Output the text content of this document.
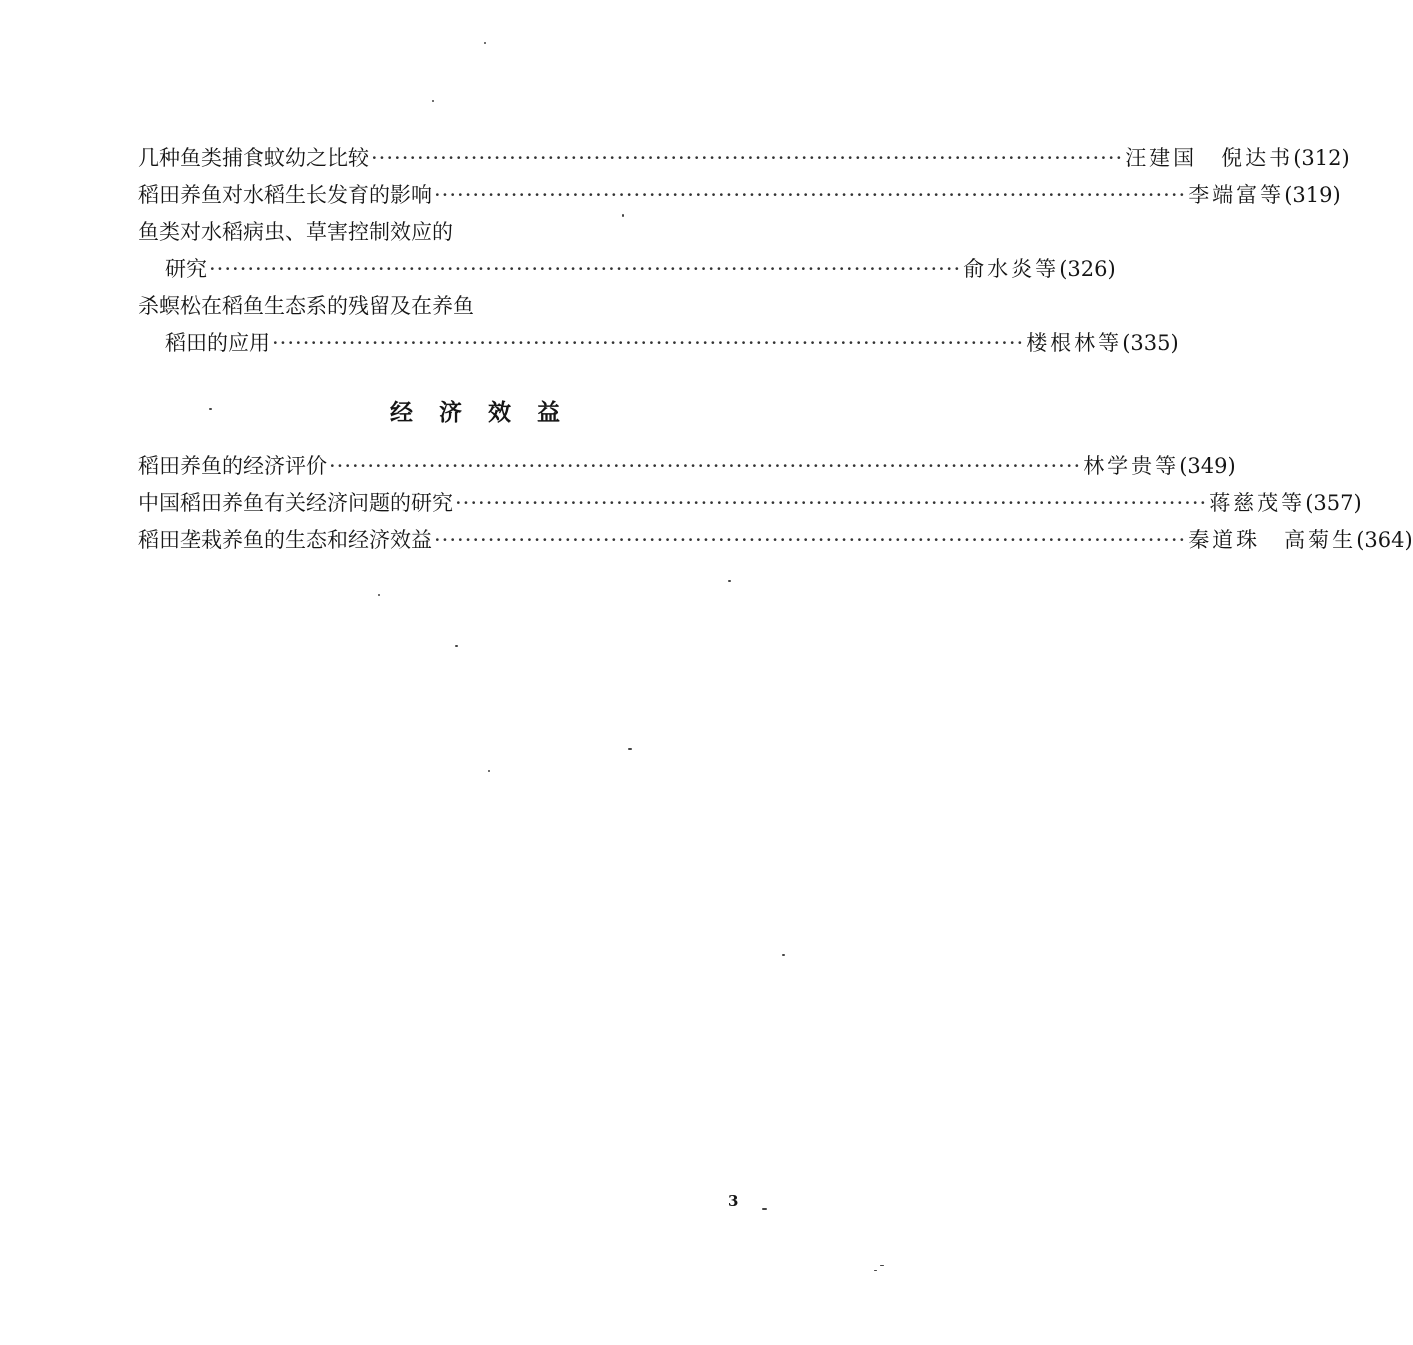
几种鱼类捕食蚊幼之比较 ·································································································· 汪建国　倪达书 (312)
稻田养鱼对水稻生长发育的影响 ·································································································· 李端富等 (319)
鱼类对水稻病虫、草害控制效应的
研究 ·································································································· 俞水炎等 (326)
杀螟松在稻鱼生态系的残留及在养鱼
稻田的应用 ·································································································· 楼根林等 (335)
经济效益
稻田养鱼的经济评价 ·································································································· 林学贵等 (349)
中国稻田养鱼有关经济问题的研究 ·································································································· 蒋慈茂等 (357)
稻田垄栽养鱼的生态和经济效益 ·································································································· 秦道珠　高菊生 (364)
3
